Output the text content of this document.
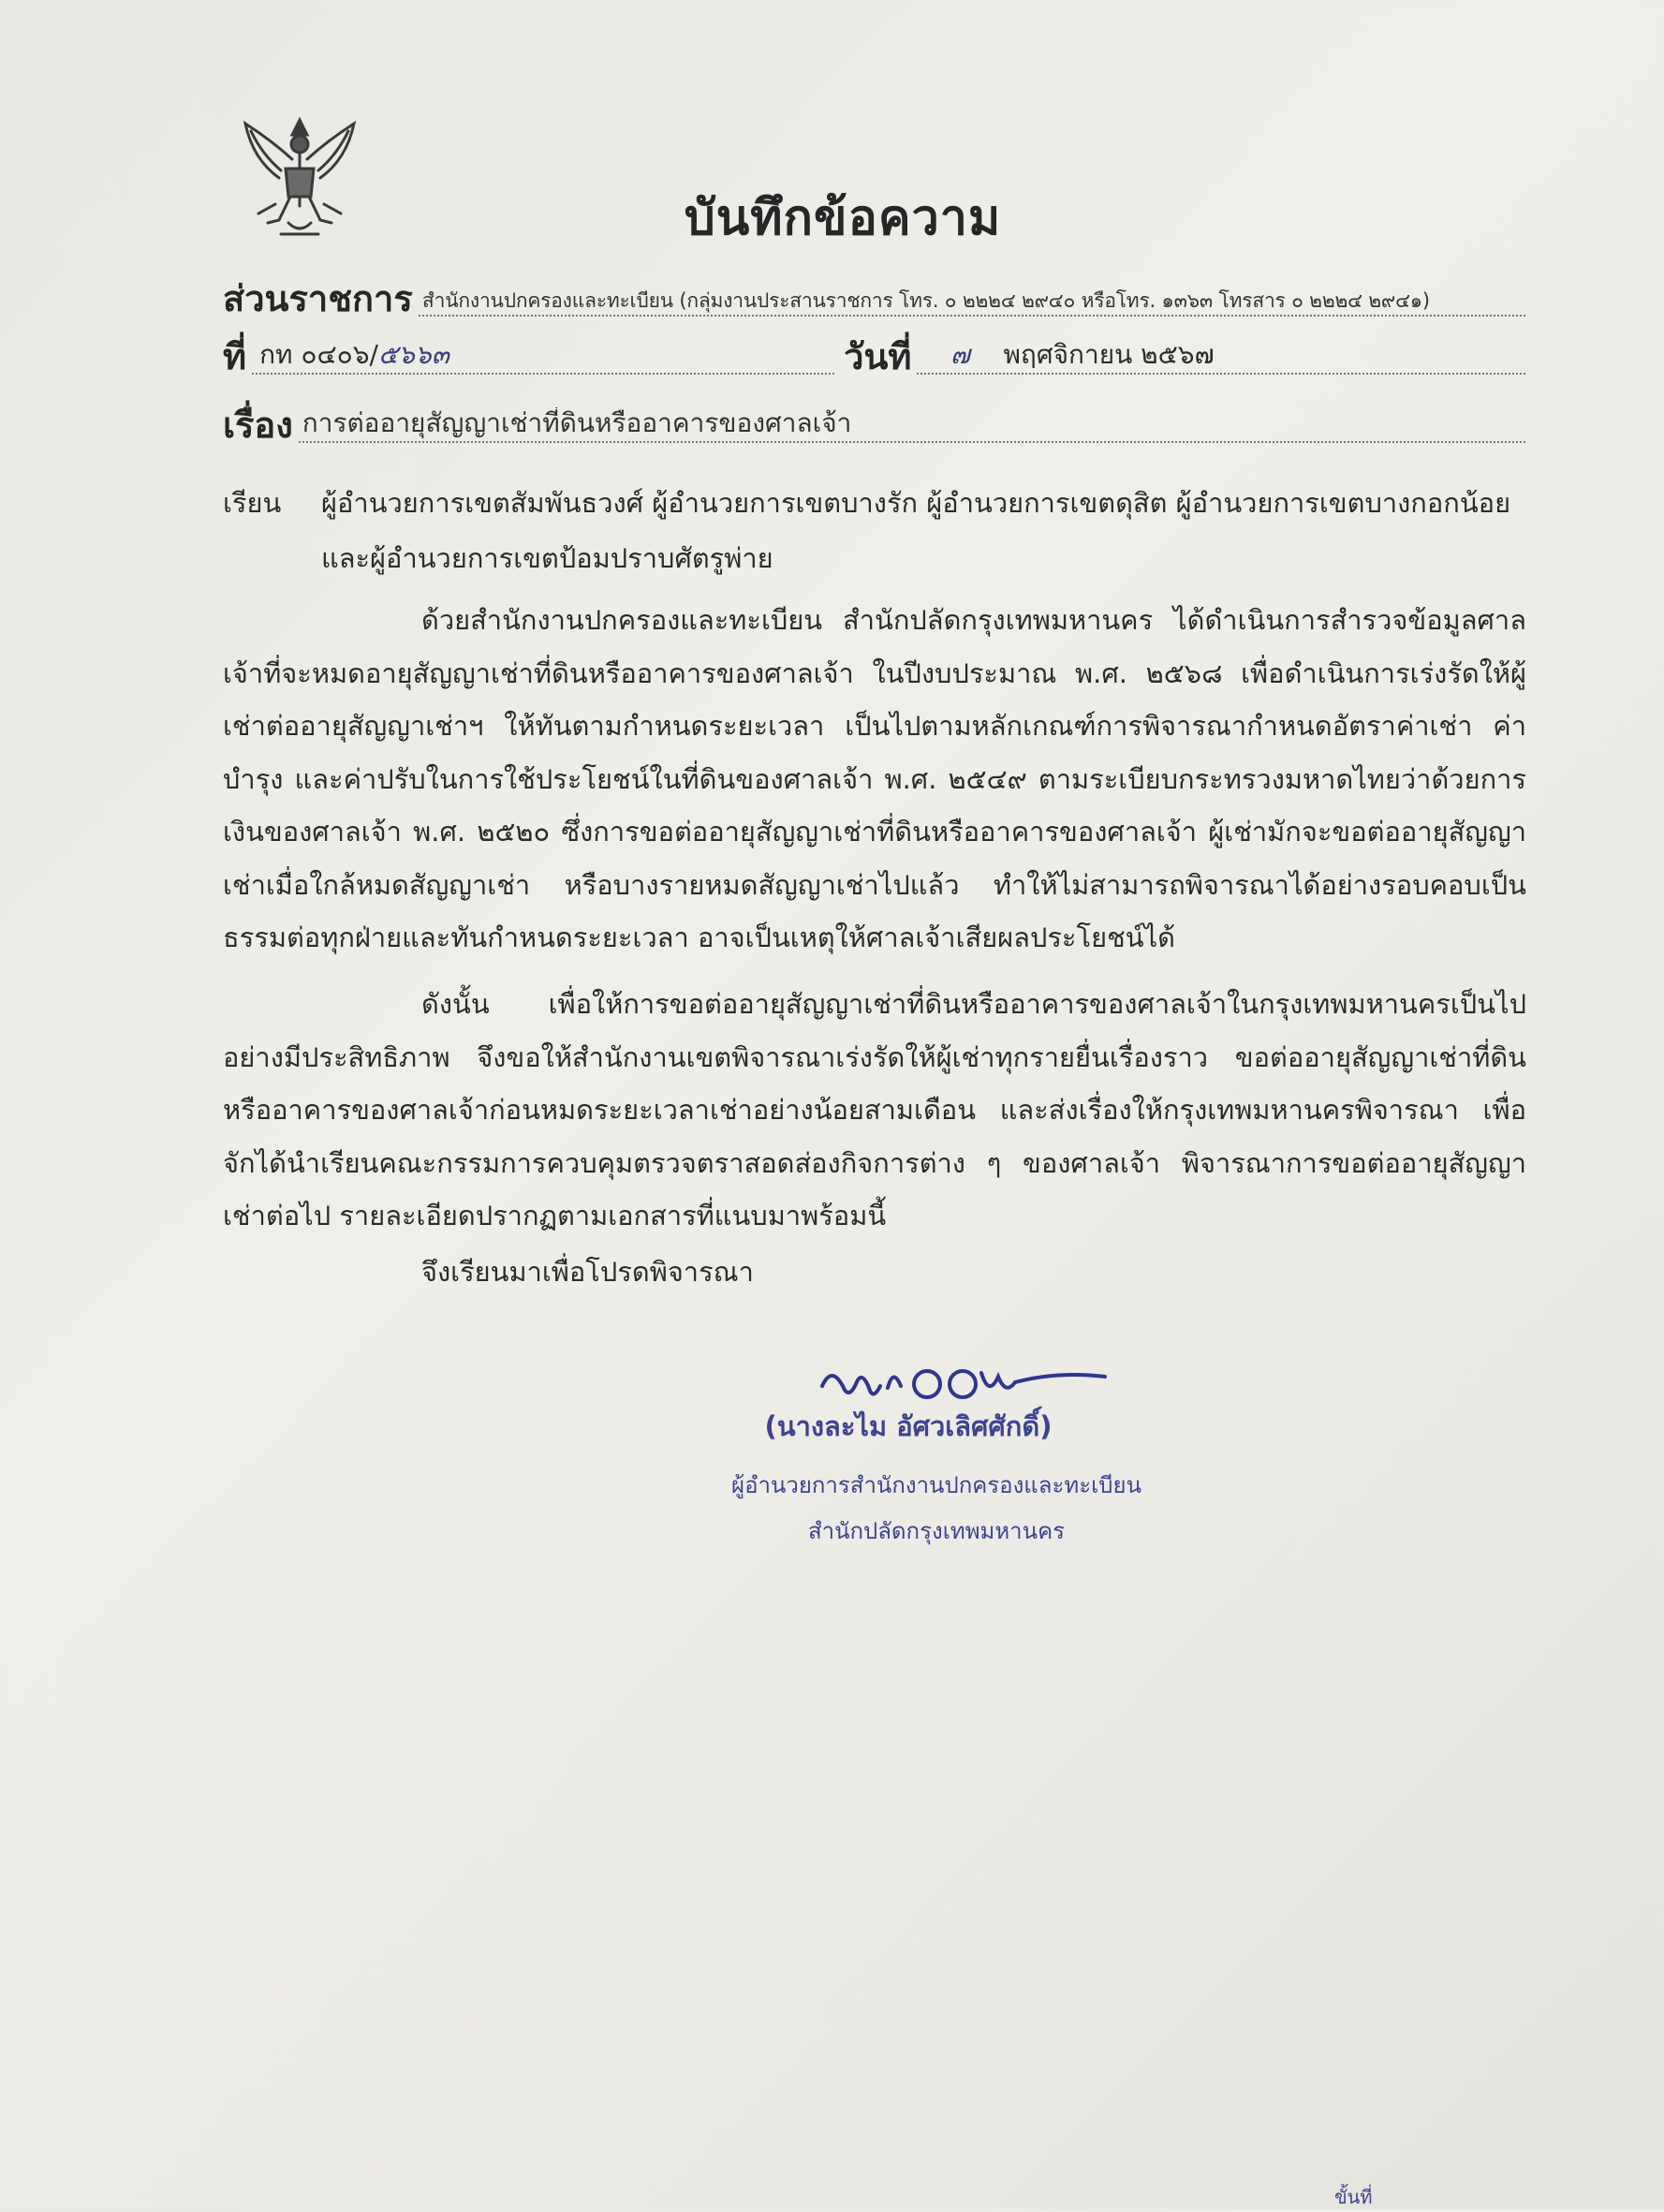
บันทึกข้อความ
ส่วนราชการ สำนักงานปกครองและทะเบียน (กลุ่มงานประสานราชการ โทร. ๐ ๒๒๒๔ ๒๙๔๐ หรือโทร. ๑๓๖๓ โทรสาร ๐ ๒๒๒๔ ๒๙๔๑)
ที่ กท ๐๔๐๖/๕๖๖๓	วันที่	๗	พฤศจิกายน ๒๕๖๗
เรื่อง การต่ออายุสัญญาเช่าที่ดินหรืออาคารของศาลเจ้า
เรียน ผู้อำนวยการเขตสัมพันธวงศ์ ผู้อำนวยการเขตบางรัก ผู้อำนวยการเขตดุสิต ผู้อำนวยการเขตบางกอกน้อย
และผู้อำนวยการเขตป้อมปราบศัตรูพ่าย
ด้วยสำนักงานปกครองและทะเบียน สำนักปลัดกรุงเทพมหานคร ได้ดำเนินการสำรวจข้อมูลศาลเจ้าที่จะหมดอายุสัญญาเช่าที่ดินหรืออาคารของศาลเจ้า ในปีงบประมาณ พ.ศ. ๒๕๖๘ เพื่อดำเนินการเร่งรัดให้ผู้เช่าต่ออายุสัญญาเช่าฯ ให้ทันตามกำหนดระยะเวลา เป็นไปตามหลักเกณฑ์การพิจารณากำหนดอัตราค่าเช่า ค่าบำรุง และค่าปรับในการใช้ประโยชน์ในที่ดินของศาลเจ้า พ.ศ. ๒๕๔๙ ตามระเบียบกระทรวงมหาดไทยว่าด้วยการเงินของศาลเจ้า พ.ศ. ๒๕๒๐ ซึ่งการขอต่ออายุสัญญาเช่าที่ดินหรืออาคารของศาลเจ้า ผู้เช่ามักจะขอต่ออายุสัญญาเช่าเมื่อใกล้หมดสัญญาเช่า หรือบางรายหมดสัญญาเช่าไปแล้ว ทำให้ไม่สามารถพิจารณาได้อย่างรอบคอบเป็นธรรมต่อทุกฝ่ายและทันกำหนดระยะเวลา อาจเป็นเหตุให้ศาลเจ้าเสียผลประโยชน์ได้
ดังนั้น เพื่อให้การขอต่ออายุสัญญาเช่าที่ดินหรืออาคารของศาลเจ้าในกรุงเทพมหานครเป็นไปอย่างมีประสิทธิภาพ จึงขอให้สำนักงานเขตพิจารณาเร่งรัดให้ผู้เช่าทุกรายยื่นเรื่องราว ขอต่ออายุสัญญาเช่าที่ดินหรืออาคารของศาลเจ้าก่อนหมดระยะเวลาเช่าอย่างน้อยสามเดือน และส่งเรื่องให้กรุงเทพมหานครพิจารณา เพื่อจักได้นำเรียนคณะกรรมการควบคุมตรวจตราสอดส่องกิจการต่าง ๆ ของศาลเจ้า พิจารณาการขอต่ออายุสัญญาเช่าต่อไป รายละเอียดปรากฏตามเอกสารที่แนบมาพร้อมนี้
จึงเรียนมาเพื่อโปรดพิจารณา
(นางละไม อัศวเลิศศักดิ์)
ผู้อำนวยการสำนักงานปกครองและทะเบียน
สำนักปลัดกรุงเทพมหานคร
ขั้นที่
